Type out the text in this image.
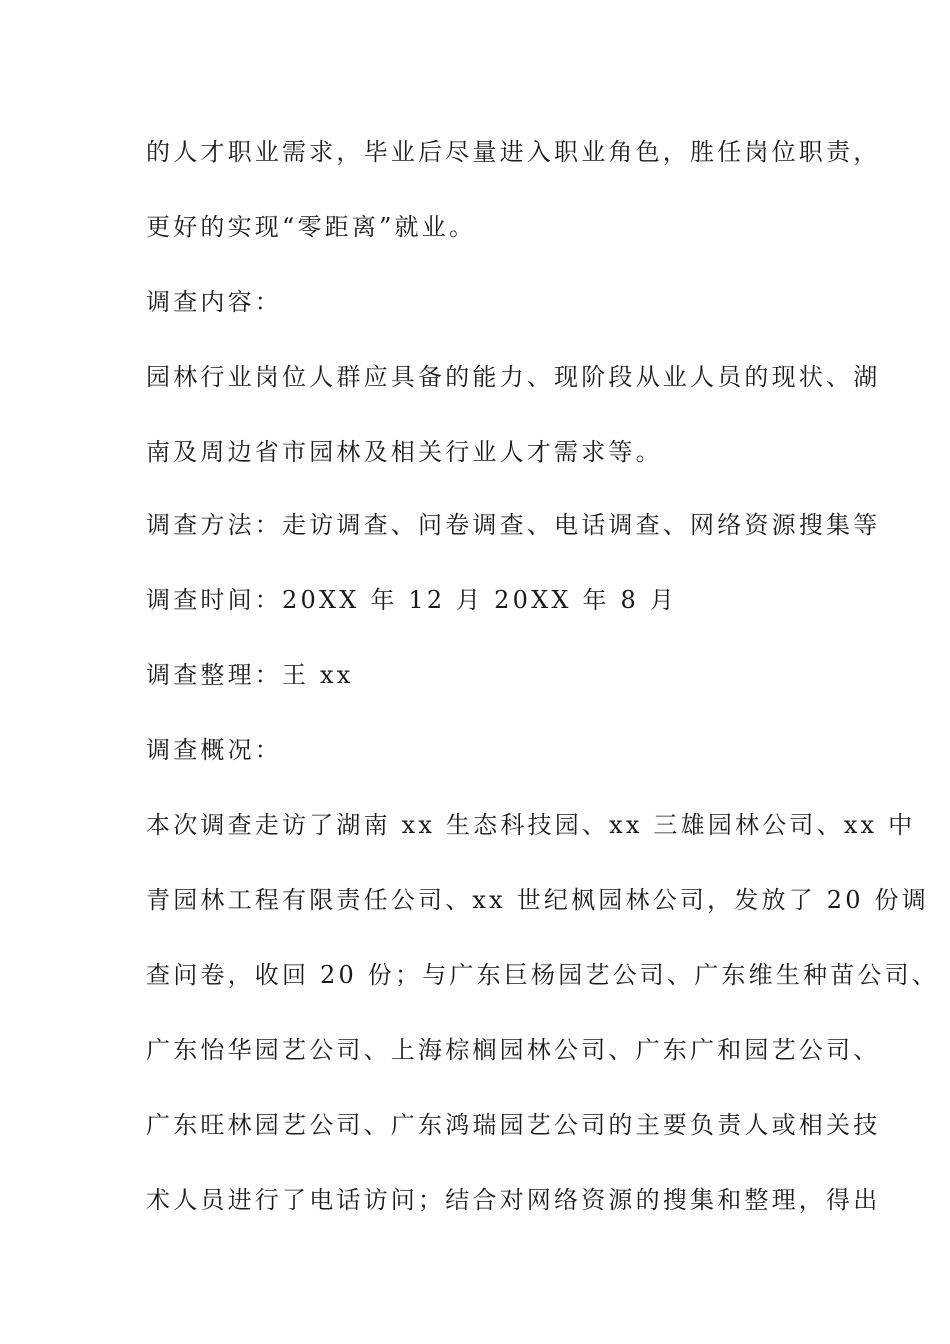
的人才职业需求，毕业后尽量进入职业角色，胜任岗位职责，
更好的实现“零距离”就业。
调查内容：
园林行业岗位人群应具备的能力、现阶段从业人员的现状、湖
南及周边省市园林及相关行业人才需求等。
调查方法：走访调查、问卷调查、电话调查、网络资源搜集等
调查时间：20XX 年 12 月 20XX 年 8 月
调查整理：王 xx
调查概况：
本次调查走访了湖南 xx 生态科技园、xx 三雄园林公司、xx 中
青园林工程有限责任公司、xx 世纪枫园林公司，发放了 20 份调
查问卷，收回 20 份；与广东巨杨园艺公司、广东维生种苗公司、
广东怡华园艺公司、上海棕榈园林公司、广东广和园艺公司、
广东旺林园艺公司、广东鸿瑞园艺公司的主要负责人或相关技
术人员进行了电话访问；结合对网络资源的搜集和整理，得出
